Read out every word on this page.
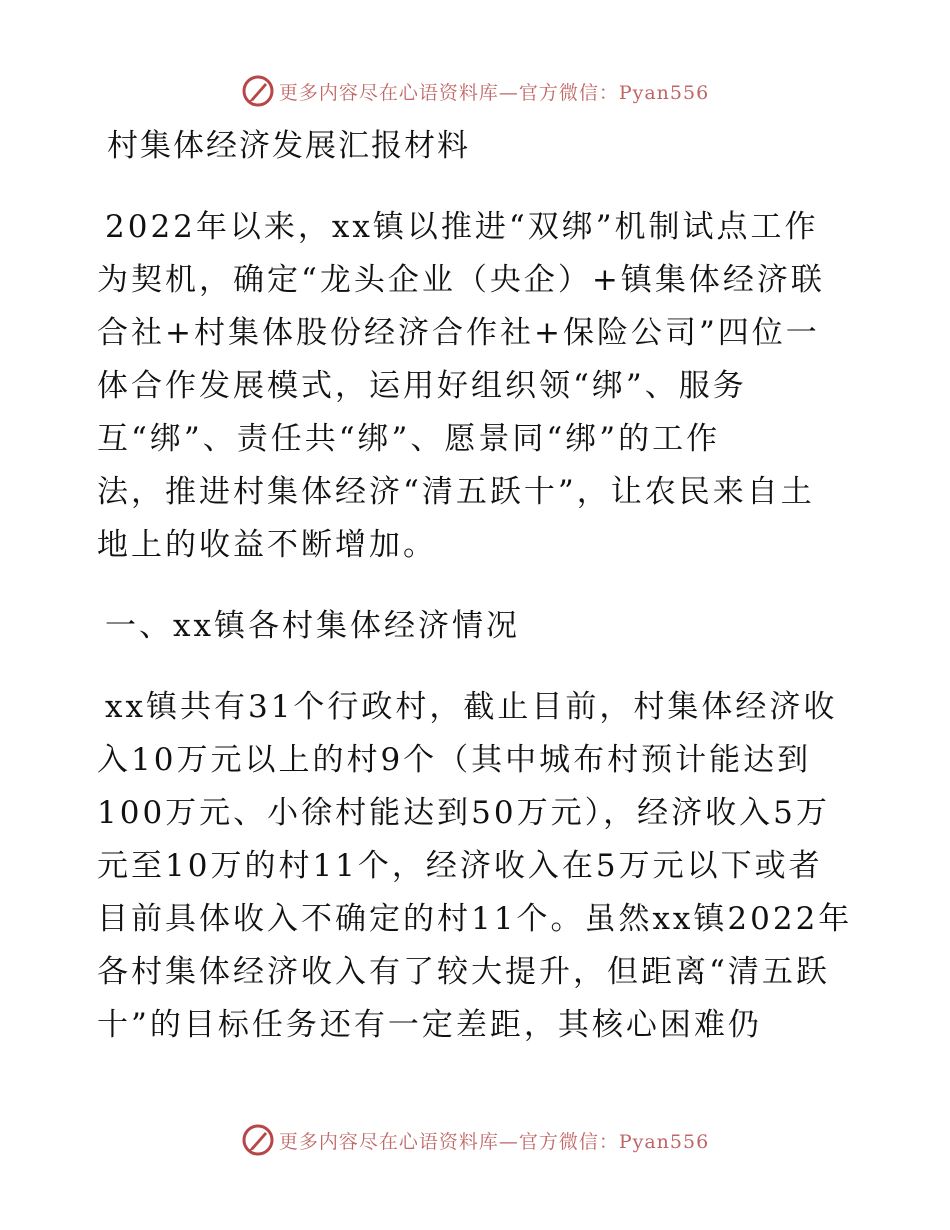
更多内容尽在心语资料库—官方微信：Pyan556
村集体经济发展汇报材料
2022年以来，xx镇以推进“双绑”机制试点工作
为契机，确定“龙头企业（央企）+镇集体经济联
合社+村集体股份经济合作社+保险公司”四位一
体合作发展模式，运用好组织领“绑”、服务
互“绑”、责任共“绑”、愿景同“绑”的工作
法，推进村集体经济“清五跃十”，让农民来自土
地上的收益不断增加。
一、xx镇各村集体经济情况
xx镇共有31个行政村，截止目前，村集体经济收
入10万元以上的村9个（其中城布村预计能达到
100万元、小徐村能达到50万元），经济收入5万
元至10万的村11个，经济收入在5万元以下或者
目前具体收入不确定的村11个。虽然xx镇2022年
各村集体经济收入有了较大提升，但距离“清五跃
十”的目标任务还有一定差距，其核心困难仍
更多内容尽在心语资料库—官方微信：Pyan556
